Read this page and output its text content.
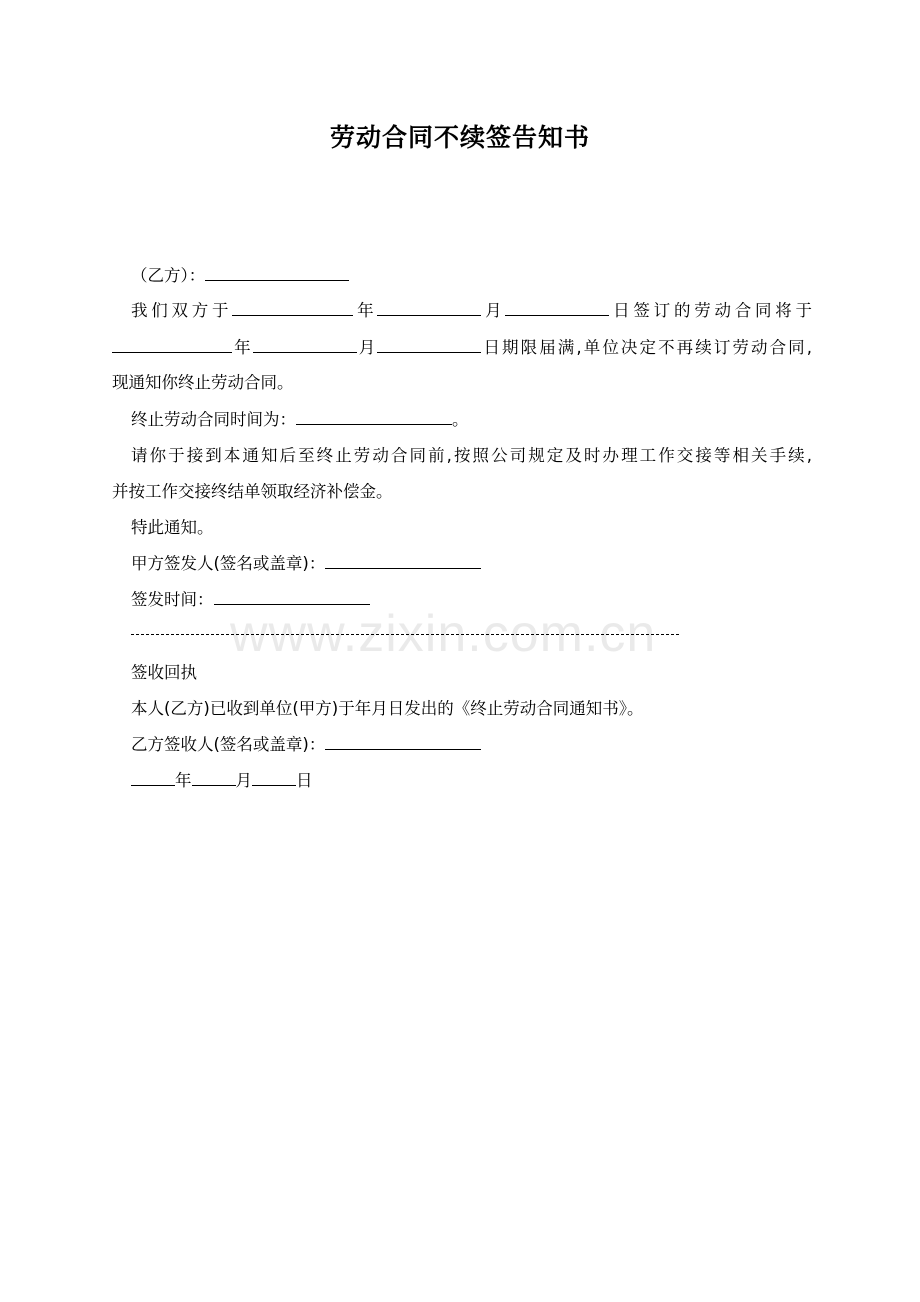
劳动合同不续签告知书
（乙方）：
我们双方于	年	月	日签订的劳动合同将于
年	月	日期限届满,单位决定不再续订劳动合同,
现通知你终止劳动合同。
终止劳动合同时间为：	。
请你于接到本通知后至终止劳动合同前,按照公司规定及时办理工作交接等相关手续,
并按工作交接终结单领取经济补偿金。
特此通知。
甲方签发人(签名或盖章)：
签发时间：
www.zixin.com.cn
签收回执
本人(乙方)已收到单位(甲方)于年月日发出的《终止劳动合同通知书》。
乙方签收人(签名或盖章)：
年	月	日
